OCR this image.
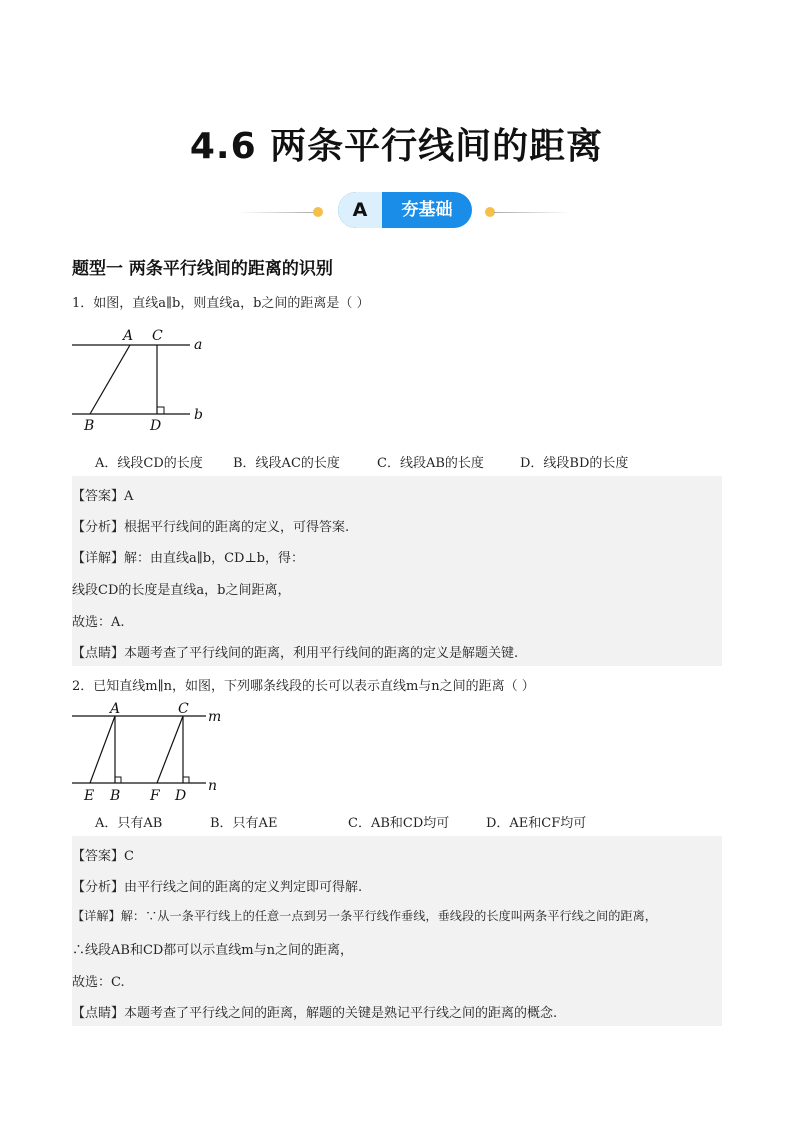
4.6 两条平行线间的距离
A	夯基础
题型一 两条平行线间的距离的识别
1．如图，直线a∥b，则直线a，b之间的距离是（ ）
A C
a
B	D
b
A．线段CD的长度 B．线段AC的长度	C．线段AB的长度	D．线段BD的长度
【答案】A
【分析】根据平行线间的距离的定义，可得答案.
【详解】解：由直线a∥b，CD⊥b，得：
线段CD的长度是直线a，b之间距离，
故选：A.
【点睛】本题考查了平行线间的距离，利用平行线间的距离的定义是解题关键.
2．已知直线m∥n，如图，下列哪条线段的长可以表示直线m与n之间的距离（ ）
A	C m
E B F D
n
A．只有AB	B．只有AE	C．AB和CD均可	D．AE和CF均可
【答案】C
【分析】由平行线之间的距离的定义判定即可得解.
【详解】解：∵从一条平行线上的任意一点到另一条平行线作垂线，垂线段的长度叫两条平行线之间的距离，
∴线段AB和CD都可以示直线m与n之间的距离，
故选：C.
【点睛】本题考查了平行线之间的距离，解题的关键是熟记平行线之间的距离的概念.
